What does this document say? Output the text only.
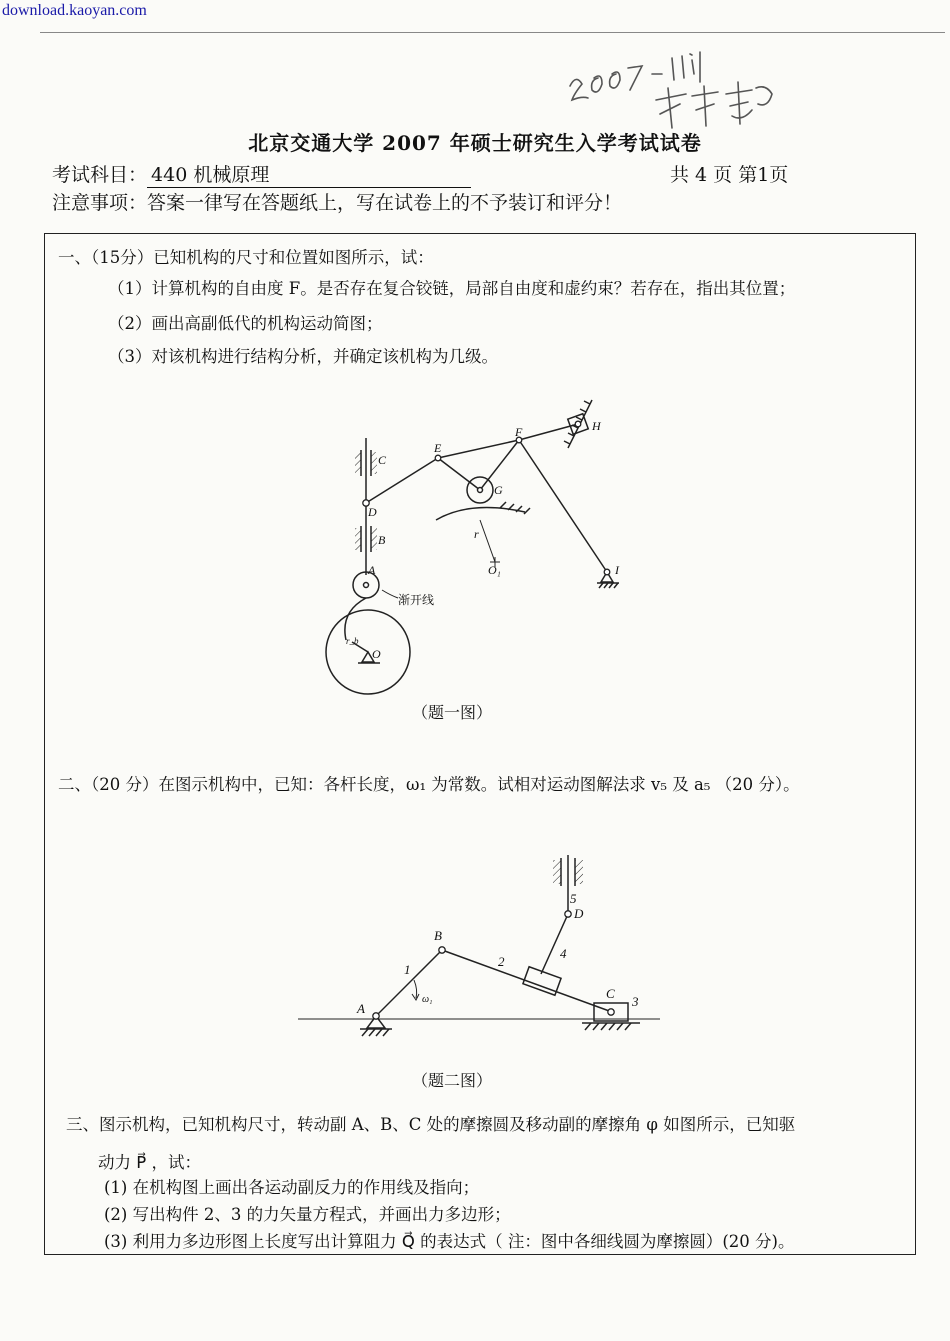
download.kaoyan.com
北京交通大学 2007 年硕士研究生入学考试试卷
考试科目： 440 机械原理	共 4 页 第1页
注意事项：答案一律写在答题纸上，写在试卷上的不予装订和评分！
一、（15分）已知机构的尺寸和位置如图所示，试：
（1）计算机构的自由度 F。是否存在复合铰链，局部自由度和虚约束？若存在，指出其位置；
（2）画出高副低代的机构运动简图；
（3）对该机构进行结构分析，并确定该机构为几级。
C
D
B
A
E
F
G
H
I
O
O₁
r
r_b
渐开线
（题一图）
二、（20 分）在图示机构中，已知：各杆长度，ω₁ 为常数。试相对运动图解法求 v₅ 及 a₅ （20 分）。
B
A
C
D
1
2
3
4
5
ω₁
（题二图）
三、图示机构，已知机构尺寸，转动副 A、B、C 处的摩擦圆及移动副的摩擦角 φ 如图所示，已知驱
动力 P⃗ ，试：
(1) 在机构图上画出各运动副反力的作用线及指向；
(2) 写出构件 2、3 的力矢量方程式，并画出力多边形；
(3) 利用力多边形图上长度写出计算阻力 Q⃗ 的表达式（ 注：图中各细线圆为摩擦圆）(20 分)。
